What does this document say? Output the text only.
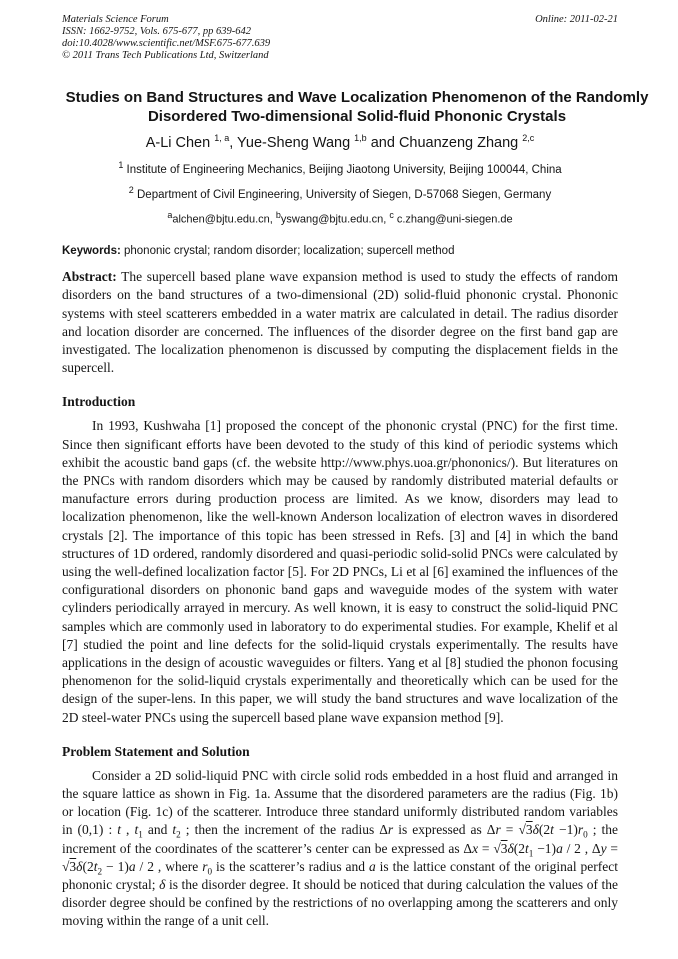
Materials Science Forum
ISSN: 1662-9752, Vols. 675-677, pp 639-642
doi:10.4028/www.scientific.net/MSF.675-677.639
© 2011 Trans Tech Publications Ltd, Switzerland
Online: 2011-02-21
Studies on Band Structures and Wave Localization Phenomenon of the Randomly Disordered Two-dimensional Solid-fluid Phononic Crystals
A-Li Chen $^{1, a}$, Yue-Sheng Wang $^{1,b}$ and Chuanzeng Zhang $^{2,c}$
$^1$ Institute of Engineering Mechanics, Beijing Jiaotong University, Beijing 100044, China
$^2$ Department of Civil Engineering, University of Siegen, D-57068 Siegen, Germany
$^a$alchen@bjtu.edu.cn, $^b$yswang@bjtu.edu.cn, $^c$ c.zhang@uni-siegen.de
Keywords: phononic crystal; random disorder; localization; supercell method

Abstract: The supercell based plane wave expansion method is used to study the effects of random disorders on the band structures of a two-dimensional (2D) solid-fluid phononic crystal. Phononic systems with steel scatterers embedded in a water matrix are calculated in detail. The radius disorder and location disorder are concerned. The influences of the disorder degree on the first band gap are investigated. The localization phenomenon is discussed by computing the displacement fields in the supercell.

Introduction

In 1993, Kushwaha [1] proposed the concept of the phononic crystal (PNC) for the first time. Since then significant efforts have been devoted to the study of this kind of periodic systems which exhibit the acoustic band gaps (cf. the website http://www.phys.uoa.gr/phononics/). But literatures on the PNCs with random disorders which may be caused by randomly distributed material defaults or manufacture errors during production process are limited. As we know, disorders may lead to localization phenomenon, like the well-known Anderson localization of electron waves in disordered crystals [2]. The importance of this topic has been stressed in Refs. [3] and [4] in which the band structures of 1D ordered, randomly disordered and quasi-periodic solid-solid PNCs were calculated by using the well-defined localization factor [5]. For 2D PNCs, Li et al [6] examined the influences of the configurational disorders on phononic band gaps and waveguide modes of the system with water cylinders periodically arrayed in mercury. As well known, it is easy to construct the solid-liquid PNC samples which are commonly used in laboratory to do experimental studies. For example, Khelif et al [7] studied the point and line defects for the solid-liquid crystals experimentally. The results have applications in the design of acoustic waveguides or filters. Yang et al [8] studied the phonon focusing phenomenon for the solid-liquid crystals experimentally and theoretically which can be used for the design of the super-lens. In this paper, we will study the band structures and wave localization of the 2D steel-water PNCs using the supercell based plane wave expansion method [9].

Problem Statement and Solution

Consider a 2D solid-liquid PNC with circle solid rods embedded in a host fluid and arranged in the square lattice as shown in Fig. 1a. Assume that the disordered parameters are the radius (Fig. 1b) or location (Fig. 1c) of the scatterer. Introduce three standard uniformly distributed random variables in (0,1) : t , $t_1$ and $t_2$ ; then the increment of the radius Δr is expressed as $\Delta r = √3\delta(2t -1)r_0$ ; the increment of the coordinates of the scatterer’s center can be expressed as $\Delta x = √3\delta(2t_1 -1)a / 2$ , $\Delta y = √3\delta(2t_2 - 1)a / 2$ , where $r_0$ is the scatterer’s radius and a is the lattice constant of the original perfect phononic crystal; δ is the disorder degree. It should be noticed that during calculation the values of the disorder degree should be confined by the restrictions of no overlapping among the scatterers and only moving within the range of a unit cell.
